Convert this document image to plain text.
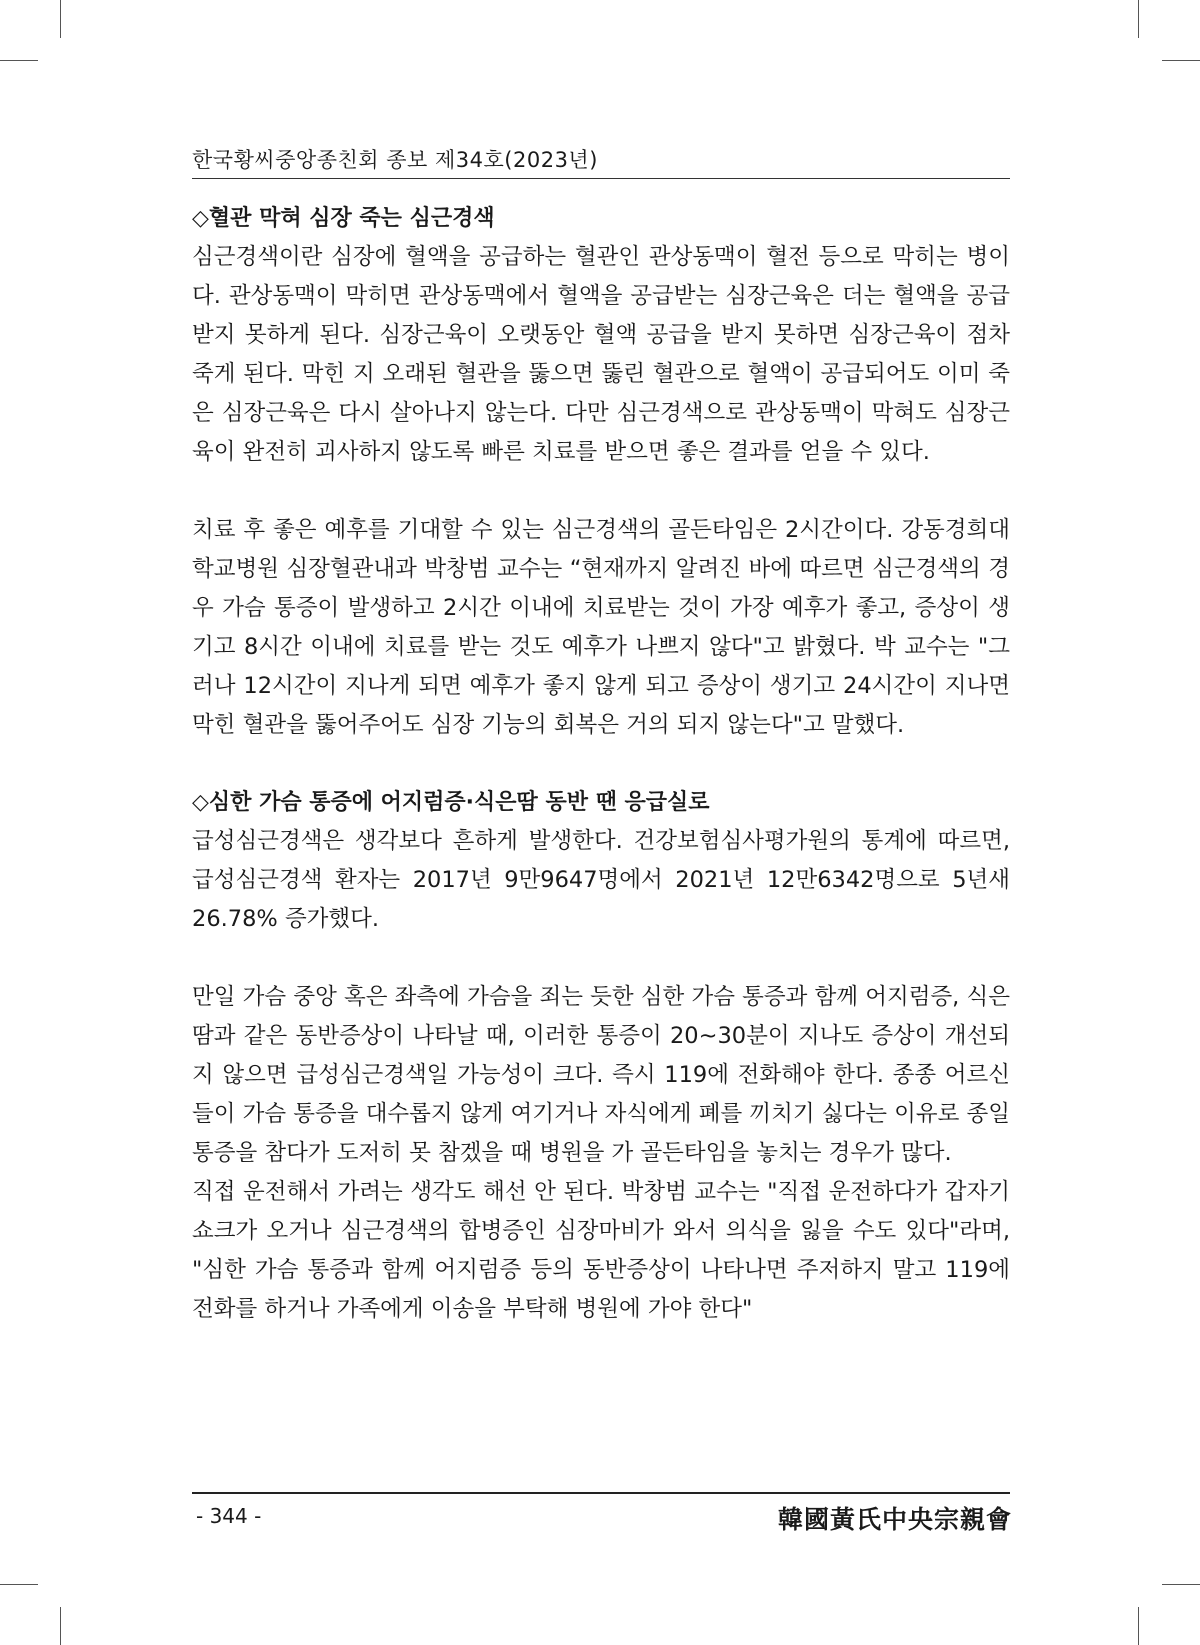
한국황씨중앙종친회 종보 제34호(2023년)
◇혈관 막혀 심장 죽는 심근경색

심근경색이란 심장에 혈액을 공급하는 혈관인 관상동맥이 혈전 등으로 막히는 병이다. 관상동맥이 막히면 관상동맥에서 혈액을 공급받는 심장근육은 더는 혈액을 공급받지 못하게 된다. 심장근육이 오랫동안 혈액 공급을 받지 못하면 심장근육이 점차 죽게 된다. 막힌 지 오래된 혈관을 뚫으면 뚫린 혈관으로 혈액이 공급되어도 이미 죽은 심장근육은 다시 살아나지 않는다. 다만 심근경색으로 관상동맥이 막혀도 심장근육이 완전히 괴사하지 않도록 빠른 치료를 받으면 좋은 결과를 얻을 수 있다.

치료 후 좋은 예후를 기대할 수 있는 심근경색의 골든타임은 2시간이다. 강동경희대학교병원 심장혈관내과 박창범 교수는 “현재까지 알려진 바에 따르면 심근경색의 경우 가슴 통증이 발생하고 2시간 이내에 치료받는 것이 가장 예후가 좋고, 증상이 생기고 8시간 이내에 치료를 받는 것도 예후가 나쁘지 않다"고 밝혔다. 박 교수는 "그러나 12시간이 지나게 되면 예후가 좋지 않게 되고 증상이 생기고 24시간이 지나면 막힌 혈관을 뚫어주어도 심장 기능의 회복은 거의 되지 않는다"고 말했다.

◇심한 가슴 통증에 어지럼증·식은땀 동반 땐 응급실로

급성심근경색은 생각보다 흔하게 발생한다. 건강보험심사평가원의 통계에 따르면, 급성심근경색 환자는 2017년 9만9647명에서 2021년 12만6342명으로 5년새 26.78% 증가했다.

만일 가슴 중앙 혹은 좌측에 가슴을 죄는 듯한 심한 가슴 통증과 함께 어지럼증, 식은땀과 같은 동반증상이 나타날 때, 이러한 통증이 20~30분이 지나도 증상이 개선되지 않으면 급성심근경색일 가능성이 크다. 즉시 119에 전화해야 한다. 종종 어르신들이 가슴 통증을 대수롭지 않게 여기거나 자식에게 폐를 끼치기 싫다는 이유로 종일 통증을 참다가 도저히 못 참겠을 때 병원을 가 골든타임을 놓치는 경우가 많다.

직접 운전해서 가려는 생각도 해선 안 된다. 박창범 교수는 "직접 운전하다가 갑자기 쇼크가 오거나 심근경색의 합병증인 심장마비가 와서 의식을 잃을 수도 있다"라며, "심한 가슴 통증과 함께 어지럼증 등의 동반증상이 나타나면 주저하지 말고 119에 전화를 하거나 가족에게 이송을 부탁해 병원에 가야 한다"

- 344 -	韓國黃氏中央宗親會
